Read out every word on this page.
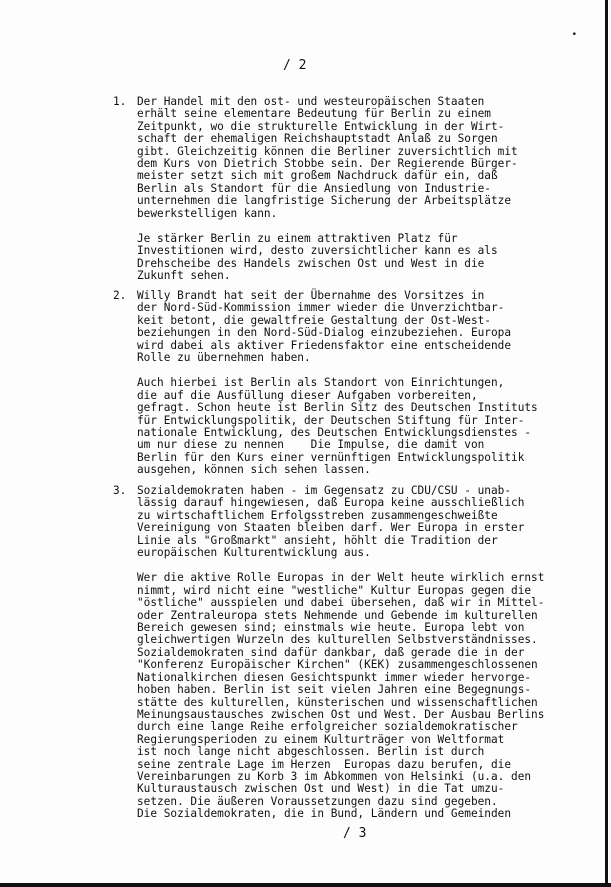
•
/ 2
1. Der Handel mit den ost- und westeuropäischen Staaten
erhält seine elementare Bedeutung für Berlin zu einem
Zeitpunkt, wo die strukturelle Entwicklung in der Wirt-
schaft der ehemaligen Reichshauptstadt Anlaß zu Sorgen
gibt. Gleichzeitig können die Berliner zuversichtlich mit
dem Kurs von Dietrich Stobbe sein. Der Regierende Bürger-
meister setzt sich mit großem Nachdruck dafür ein, daß
Berlin als Standort für die Ansiedlung von Industrie-
unternehmen die langfristige Sicherung der Arbeitsplätze
bewerkstelligen kann.

Je stärker Berlin zu einem attraktiven Platz für
Investitionen wird, desto zuversichtlicher kann es als
Drehscheibe des Handels zwischen Ost und West in die
Zukunft sehen.

2. Willy Brandt hat seit der Übernahme des Vorsitzes in
der Nord-Süd-Kommission immer wieder die Unverzichtbar-
keit betont, die gewaltfreie Gestaltung der Ost-West-
beziehungen in den Nord-Süd-Dialog einzubeziehen. Europa
wird dabei als aktiver Friedensfaktor eine entscheidende
Rolle zu übernehmen haben.

Auch hierbei ist Berlin als Standort von Einrichtungen,
die auf die Ausfüllung dieser Aufgaben vorbereiten,
gefragt. Schon heute ist Berlin Sitz des Deutschen Instituts
für Entwicklungspolitik, der Deutschen Stiftung für Inter-
nationale Entwicklung, des Deutschen Entwicklungsdienstes -
um nur diese zu nennen    Die Impulse, die damit von
Berlin für den Kurs einer vernünftigen Entwicklungspolitik
ausgehen, können sich sehen lassen.

3. Sozialdemokraten haben - im Gegensatz zu CDU/CSU - unab-
lässig darauf hingewiesen, daß Europa keine ausschließlich
zu wirtschaftlichem Erfolgsstreben zusammengeschweißte
Vereinigung von Staaten bleiben darf. Wer Europa in erster
Linie als "Großmarkt" ansieht, höhlt die Tradition der
europäischen Kulturentwicklung aus.

Wer die aktive Rolle Europas in der Welt heute wirklich ernst
nimmt, wird nicht eine "westliche" Kultur Europas gegen die
"östliche" ausspielen und dabei übersehen, daß wir in Mittel-
oder Zentraleuropa stets Nehmende und Gebende im kulturellen
Bereich gewesen sind; einstmals wie heute. Europa lebt von
gleichwertigen Wurzeln des kulturellen Selbstverständnisses.
Sozialdemokraten sind dafür dankbar, daß gerade die in der
"Konferenz Europäischer Kirchen" (KEK) zusammengeschlossenen
Nationalkirchen diesen Gesichtspunkt immer wieder hervorge-
hoben haben. Berlin ist seit vielen Jahren eine Begegnungs-
stätte des kulturellen, künsterischen und wissenschaftlichen
Meinungsaustausches zwischen Ost und West. Der Ausbau Berlins
durch eine lange Reihe erfolgreicher sozialdemokratischer
Regierungsperioden zu einem Kulturträger von Weltformat
ist noch lange nicht abgeschlossen. Berlin ist durch
seine zentrale Lage im Herzen  Europas dazu berufen, die
Vereinbarungen zu Korb 3 im Abkommen von Helsinki (u.a. den
Kulturaustausch zwischen Ost und West) in die Tat umzu-
setzen. Die äußeren Voraussetzungen dazu sind gegeben.
Die Sozialdemokraten, die in Bund, Ländern und Gemeinden

/ 3
